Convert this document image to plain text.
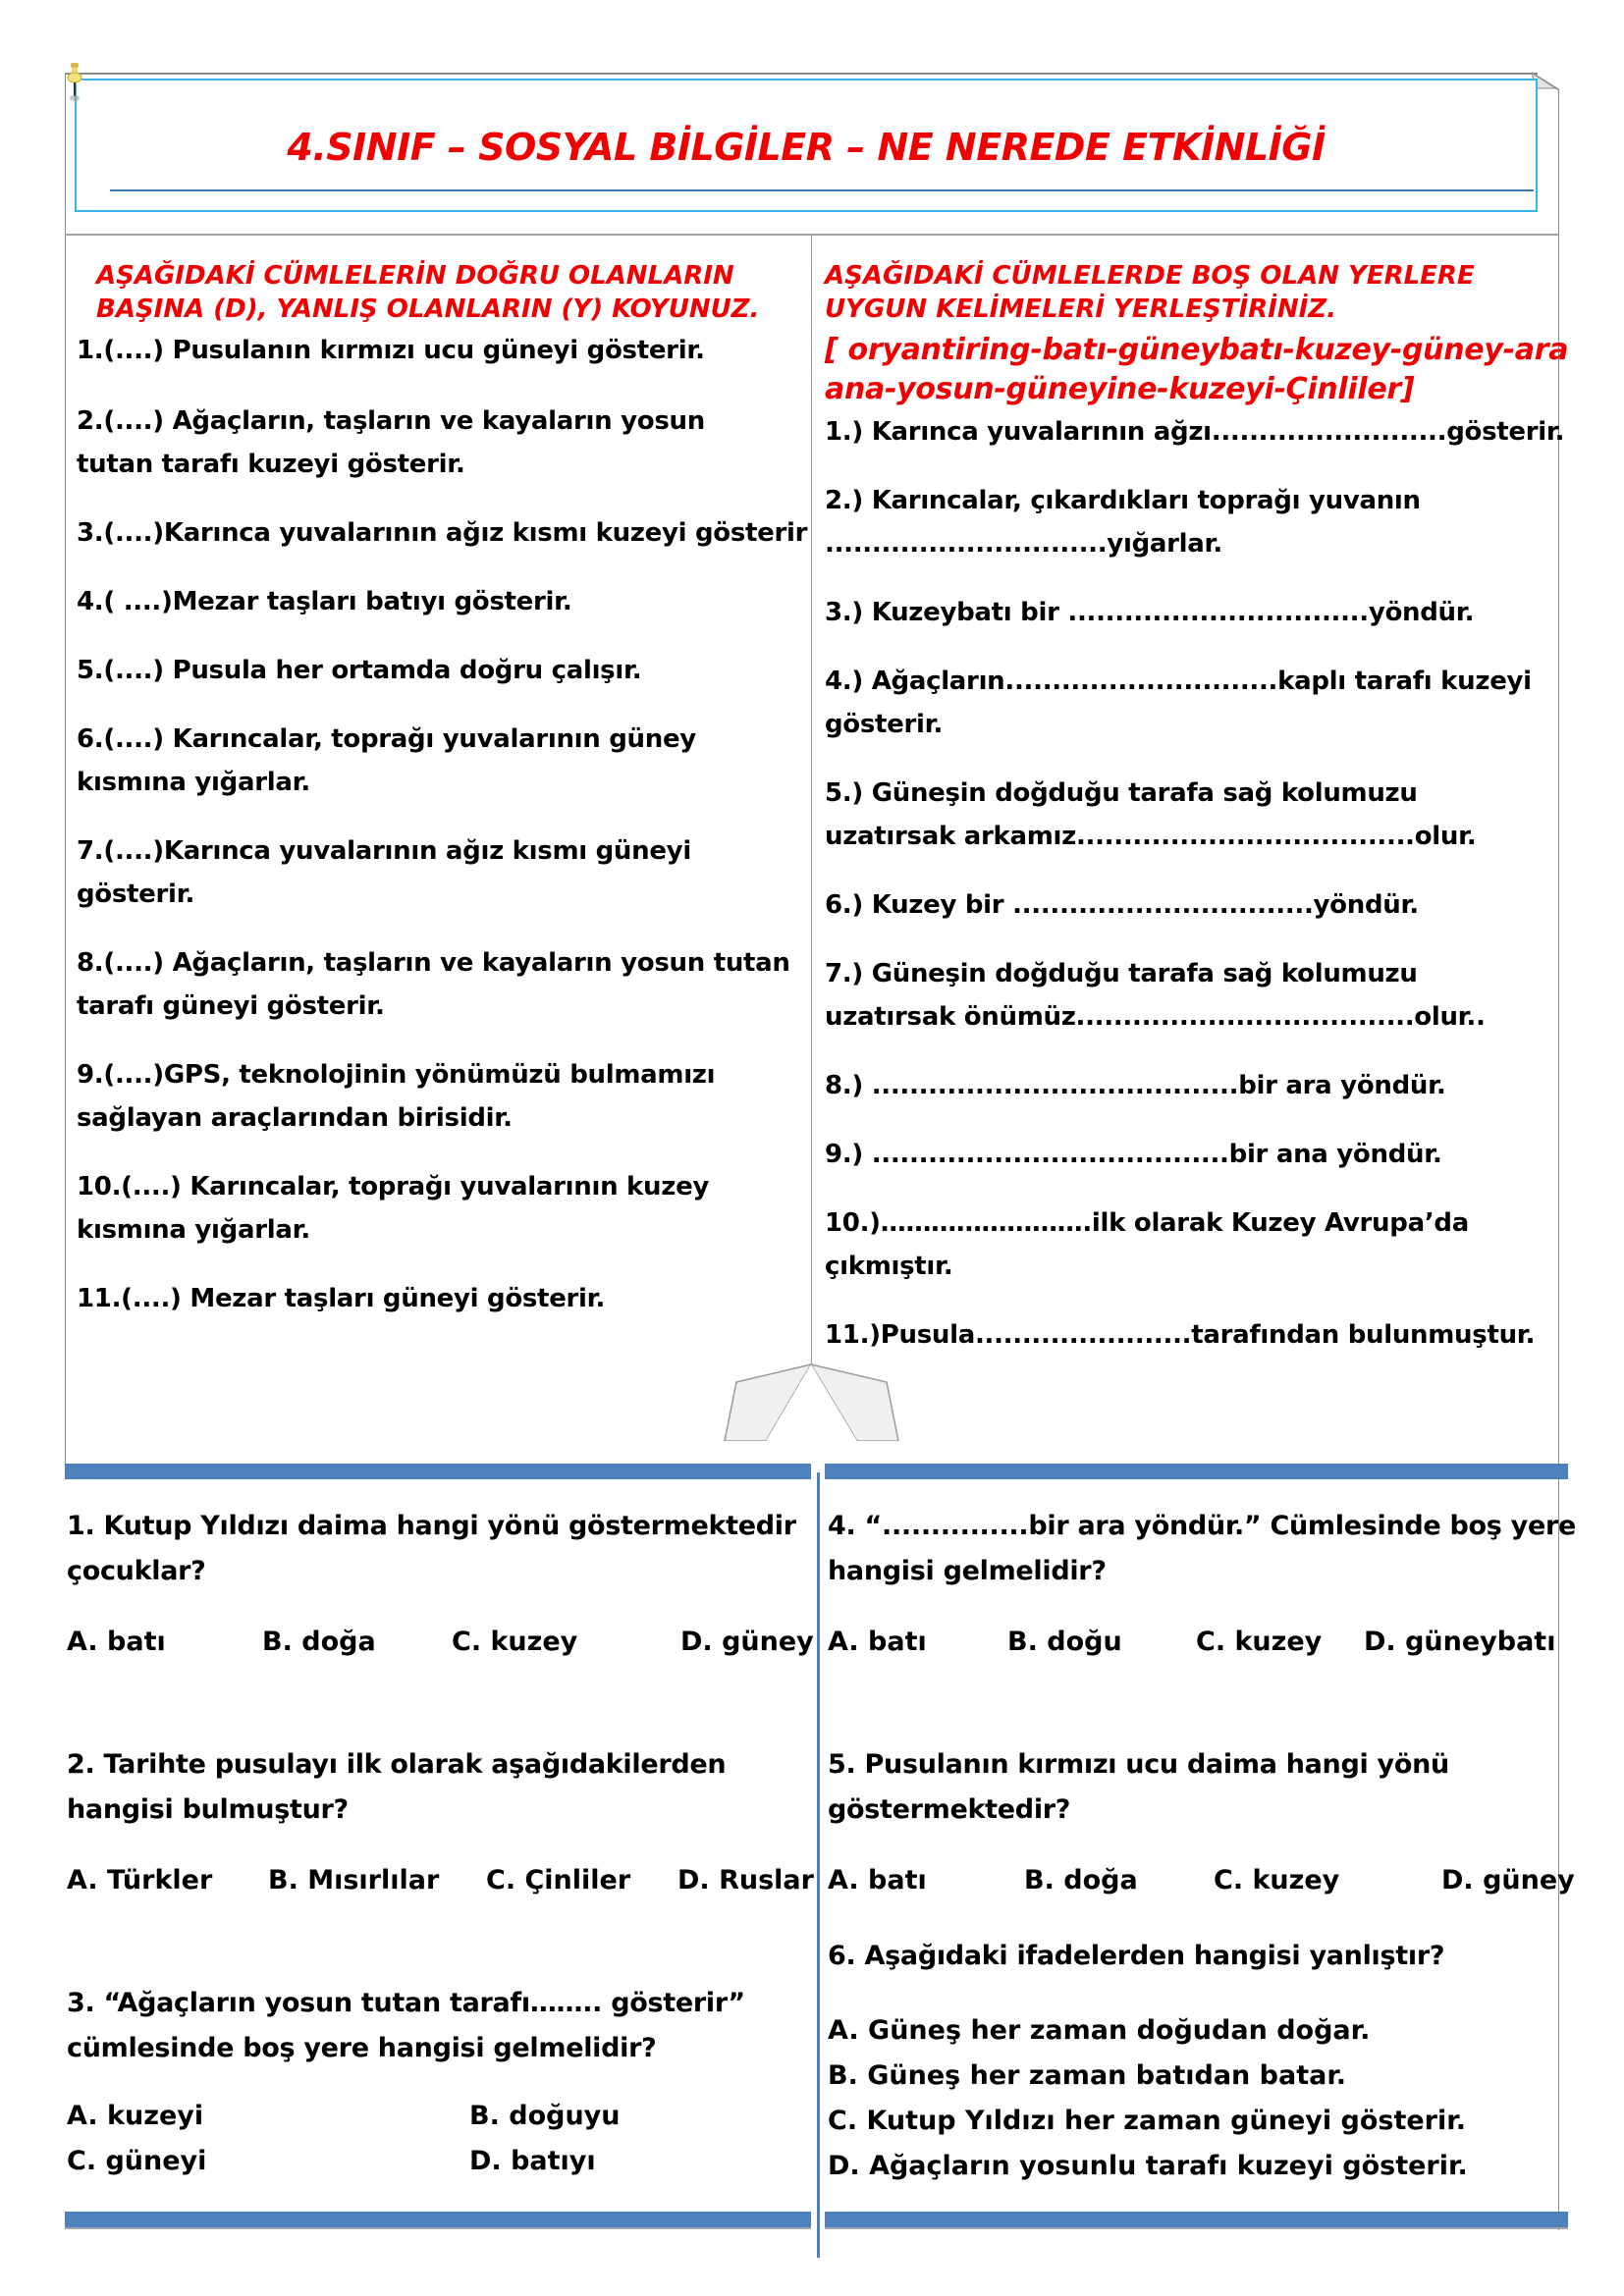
4.SINIF – SOSYAL BİLGİLER – NE NEREDE ETKİNLİĞİ
AŞAĞIDAKİ CÜMLELERİN DOĞRU OLANLARIN
BAŞINA (D), YANLIŞ OLANLARIN (Y) KOYUNUZ.
1.(....) Pusulanın kırmızı ucu güneyi gösterir.
2.(....) Ağaçların, taşların ve kayaların yosun
tutan tarafı kuzeyi gösterir.
3.(....)Karınca yuvalarının ağız kısmı kuzeyi gösterir
4.( ....)Mezar taşları batıyı gösterir.
5.(....) Pusula her ortamda doğru çalışır.
6.(....) Karıncalar, toprağı yuvalarının güney
kısmına yığarlar.
7.(....)Karınca yuvalarının ağız kısmı güneyi
gösterir.
8.(....) Ağaçların, taşların ve kayaların yosun tutan
tarafı güneyi gösterir.
9.(....)GPS, teknolojinin yönümüzü bulmamızı
sağlayan araçlarından birisidir.
10.(....) Karıncalar, toprağı yuvalarının kuzey
kısmına yığarlar.
11.(....) Mezar taşları güneyi gösterir.
AŞAĞIDAKİ CÜMLELERDE BOŞ OLAN YERLERE
UYGUN KELİMELERİ YERLEŞTİRİNİZ.
[ oryantiring-batı-güneybatı-kuzey-güney-ara
ana-yosun-güneyine-kuzeyi-Çinliler]
1.) Karınca yuvalarının ağzı.........................gösterir.
2.) Karıncalar, çıkardıkları toprağı yuvanın
..............................yığarlar.
3.) Kuzeybatı bir ................................yöndür.
4.) Ağaçların.............................kaplı tarafı kuzeyi
gösterir.
5.) Güneşin doğduğu tarafa sağ kolumuzu
uzatırsak arkamız....................................olur.
6.) Kuzey bir ................................yöndür.
7.) Güneşin doğduğu tarafa sağ kolumuzu
uzatırsak önümüz....................................olur..
8.) .......................................bir ara yöndür.
9.) ......................................bir ana yöndür.
10.)…………………….ilk olarak Kuzey Avrupa’da
çıkmıştır.
11.)Pusula.......................tarafından bulunmuştur.
1. Kutup Yıldızı daima hangi yönü göstermektedir
çocuklar?
A. batı	B. doğa	C. kuzey	D. güney
2. Tarihte pusulayı ilk olarak aşağıdakilerden
hangisi bulmuştur?
A. Türkler B. Mısırlılar C. Çinliler D. Ruslar
3. “Ağaçların yosun tutan tarafı…….. gösterir”
cümlesinde boş yere hangisi gelmelidir?
A. kuzeyi	B. doğuyu
C. güneyi	D. batıyı
4. “...............bir ara yöndür.” Cümlesinde boş yere
hangisi gelmelidir?
A. batı	B. doğu	C. kuzey D. güneybatı
5. Pusulanın kırmızı ucu daima hangi yönü
göstermektedir?
A. batı	B. doğa	C. kuzey	D. güney
6. Aşağıdaki ifadelerden hangisi yanlıştır?
A. Güneş her zaman doğudan doğar.
B. Güneş her zaman batıdan batar.
C. Kutup Yıldızı her zaman güneyi gösterir.
D. Ağaçların yosunlu tarafı kuzeyi gösterir.
